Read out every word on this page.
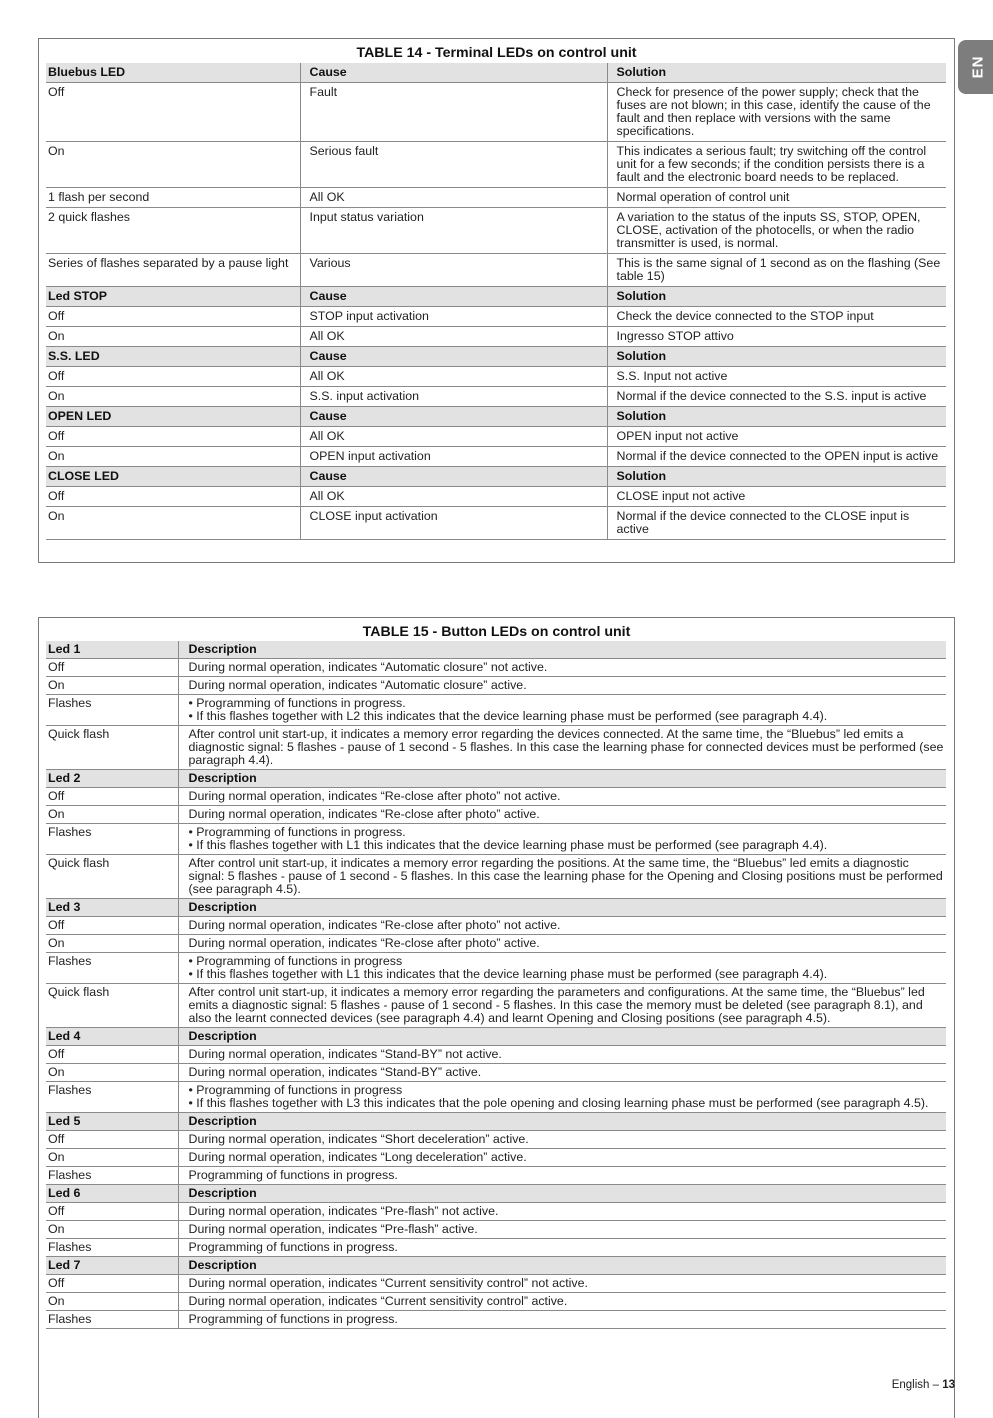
EN
TABLE 14 - Terminal LEDs on control unit
Bluebus LED	Cause	Solution
Off	Fault	Check for presence of the power supply; check that the fuses are not blown; in this case, identify the cause of the fault and then replace with versions with the same specifications.
On	Serious fault	This indicates a serious fault; try switching off the control unit for a few seconds; if the condition persists there is a fault and the electronic board needs to be replaced.
1 flash per second	All OK	Normal operation of control unit
2 quick flashes	Input status variation	A variation to the status of the inputs SS, STOP, OPEN, CLOSE, activation of the photocells, or when the radio transmitter is used, is normal.
Series of flashes separated by a pause light	Various	This is the same signal of 1 second as on the flashing (See table 15)
Led STOP	Cause	Solution
Off	STOP input activation	Check the device connected to the STOP input
On	All OK	Ingresso STOP attivo
S.S. LED	Cause	Solution
Off	All OK	S.S. Input not active
On	S.S. input activation	Normal if the device connected to the S.S. input is active
OPEN LED	Cause	Solution
Off	All OK	OPEN input not active
On	OPEN input activation	Normal if the device connected to the OPEN input is active
CLOSE LED	Cause	Solution
Off	All OK	CLOSE input not active
On	CLOSE input activation	Normal if the device connected to the CLOSE input is active
TABLE 15 - Button LEDs on control unit
Led 1	Description
Off	During normal operation, indicates “Automatic closure” not active.

On	During normal operation, indicates “Automatic closure” active.

Flashes	• Programming of functions in progress.
• If this flashes together with L2 this indicates that the device learning phase must be performed (see paragraph 4.4).

Quick flash	After control unit start-up, it indicates a memory error regarding the devices connected. At the same time, the “Bluebus” led emits a diagnostic signal: 5 flashes - pause of 1 second - 5 flashes. In this case the learning phase for connected devices must be performed (see paragraph 4.4).

Led 2	Description
Off	During normal operation, indicates “Re-close after photo” not active.

On	During normal operation, indicates “Re-close after photo” active.

Flashes	• Programming of functions in progress.
• If this flashes together with L1 this indicates that the device learning phase must be performed (see paragraph 4.4).

Quick flash	After control unit start-up, it indicates a memory error regarding the positions. At the same time, the “Bluebus” led emits a diagnostic signal: 5 flashes - pause of 1 second - 5 flashes. In this case the learning phase for the Opening and Closing positions must be performed (see paragraph 4.5).

Led 3	Description
Off	During normal operation, indicates “Re-close after photo” not active.

On	During normal operation, indicates “Re-close after photo” active.

Flashes	• Programming of functions in progress
• If this flashes together with L1 this indicates that the device learning phase must be performed (see paragraph 4.4).

Quick flash	After control unit start-up, it indicates a memory error regarding the parameters and configurations. At the same time, the “Bluebus” led emits a diagnostic signal: 5 flashes - pause of 1 second - 5 flashes. In this case the memory must be deleted (see paragraph 8.1), and also the learnt connected devices (see paragraph 4.4) and learnt Opening and Closing positions (see paragraph 4.5).

Led 4	Description
Off	During normal operation, indicates “Stand-BY” not active.

On	During normal operation, indicates “Stand-BY” active.

Flashes	• Programming of functions in progress
• If this flashes together with L3 this indicates that the pole opening and closing learning phase must be performed (see paragraph 4.5).

Led 5	Description
Off	During normal operation, indicates “Short deceleration” active.

On	During normal operation, indicates “Long deceleration” active.

Flashes	Programming of functions in progress.

Led 6	Description
Off	During normal operation, indicates “Pre-flash” not active.

On	During normal operation, indicates “Pre-flash” active.

Flashes	Programming of functions in progress.

Led 7	Description
Off	During normal operation, indicates “Current sensitivity control” not active.

On	During normal operation, indicates “Current sensitivity control” active.

Flashes	Programming of functions in progress.
English – 13
